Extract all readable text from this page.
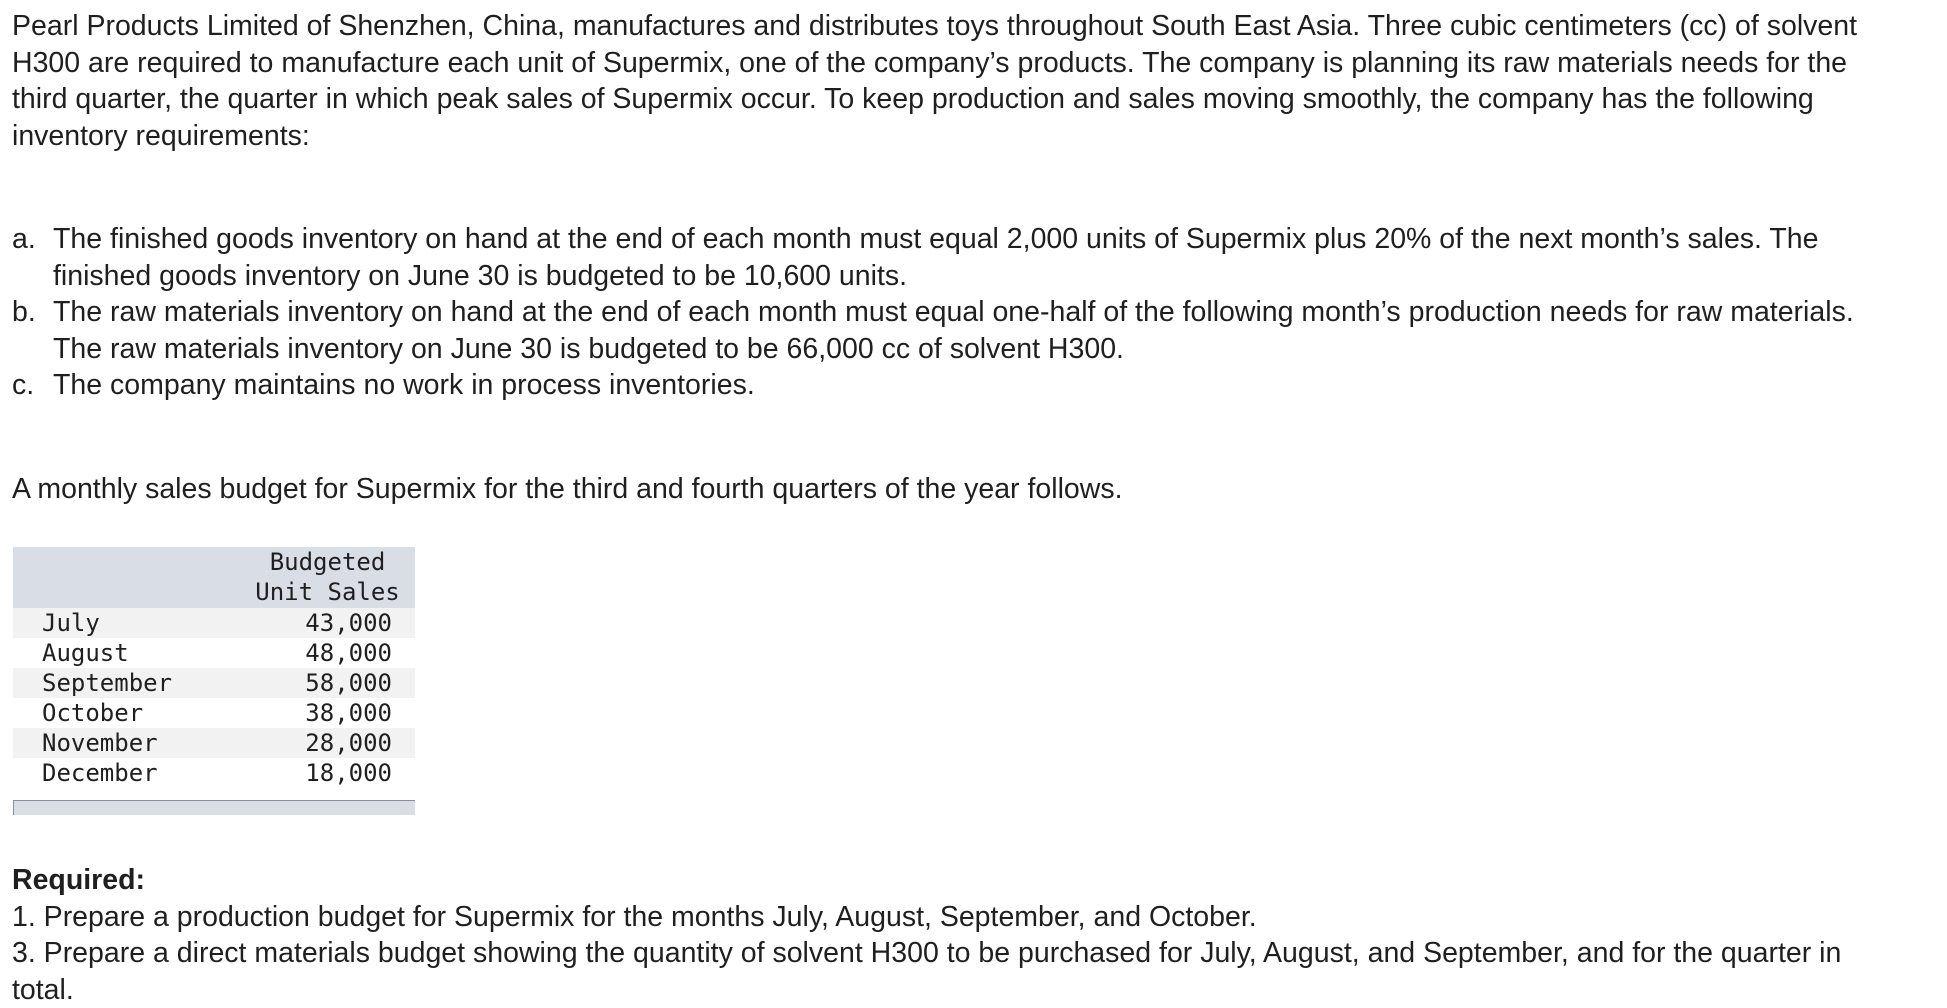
Pearl Products Limited of Shenzhen, China, manufactures and distributes toys throughout South East Asia. Three cubic centimeters (cc) of solvent H300 are required to manufacture each unit of Supermix, one of the company’s products. The company is planning its raw materials needs for the third quarter, the quarter in which peak sales of Supermix occur. To keep production and sales moving smoothly, the company has the following inventory requirements:
a. The finished goods inventory on hand at the end of each month must equal 2,000 units of Supermix plus 20% of the next month’s sales. The finished goods inventory on June 30 is budgeted to be 10,600 units.
b. The raw materials inventory on hand at the end of each month must equal one-half of the following month’s production needs for raw materials. The raw materials inventory on June 30 is budgeted to be 66,000 cc of solvent H300.
c. The company maintains no work in process inventories.
A monthly sales budget for Supermix for the third and fourth quarters of the year follows.
Budgeted
Unit Sales
July	43,000
August	48,000
September	58,000
October	38,000
November	28,000
December	18,000
Required:
1. Prepare a production budget for Supermix for the months July, August, September, and October.
3. Prepare a direct materials budget showing the quantity of solvent H300 to be purchased for July, August, and September, and for the quarter in total.
